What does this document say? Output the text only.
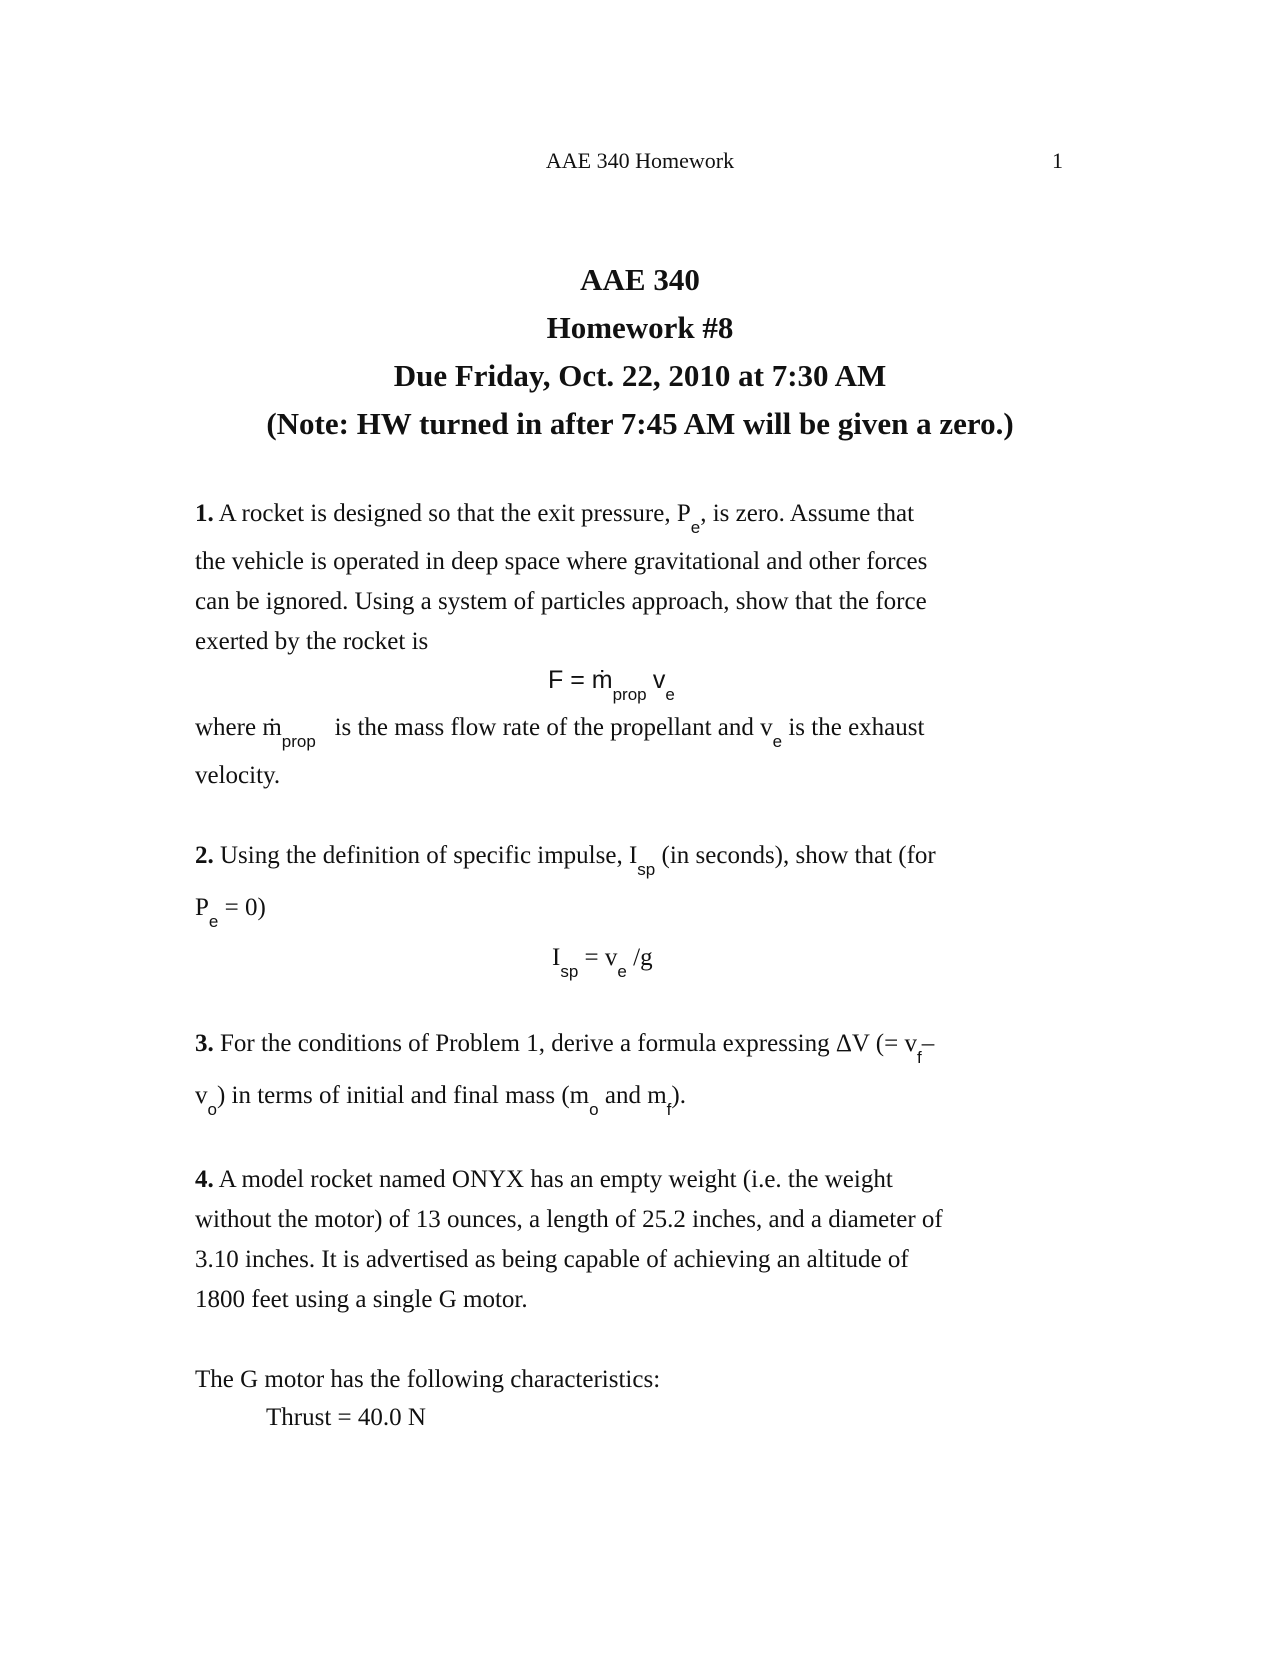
AAE 340 Homework	1
AAE 340
Homework #8
Due Friday, Oct. 22, 2010 at 7:30 AM
(Note: HW turned in after 7:45 AM will be given a zero.)
1. A rocket is designed so that the exit pressure, $P_e$, is zero. Assume that
the vehicle is operated in deep space where gravitational and other forces
can be ignored. Using a system of particles approach, show that the force
exerted by the rocket is
F = ṁ$_{prop}$ $v_e$
where ṁ$_{prop}$   is the mass flow rate of the propellant and $v_e$ is the exhaust
velocity.
2. Using the definition of specific impulse, $I_{sp}$ (in seconds), show that (for
$P_e = 0$)
$I_{sp} = v_e$ /g
3. For the conditions of Problem 1, derive a formula expressing ΔV (= $v_f-$
$v_o$) in terms of initial and final mass ($m_o$ and $m_f$).
4. A model rocket named ONYX has an empty weight (i.e. the weight
without the motor) of 13 ounces, a length of 25.2 inches, and a diameter of
3.10 inches. It is advertised as being capable of achieving an altitude of
1800 feet using a single G motor.
The G motor has the following characteristics:
Thrust = 40.0 N
